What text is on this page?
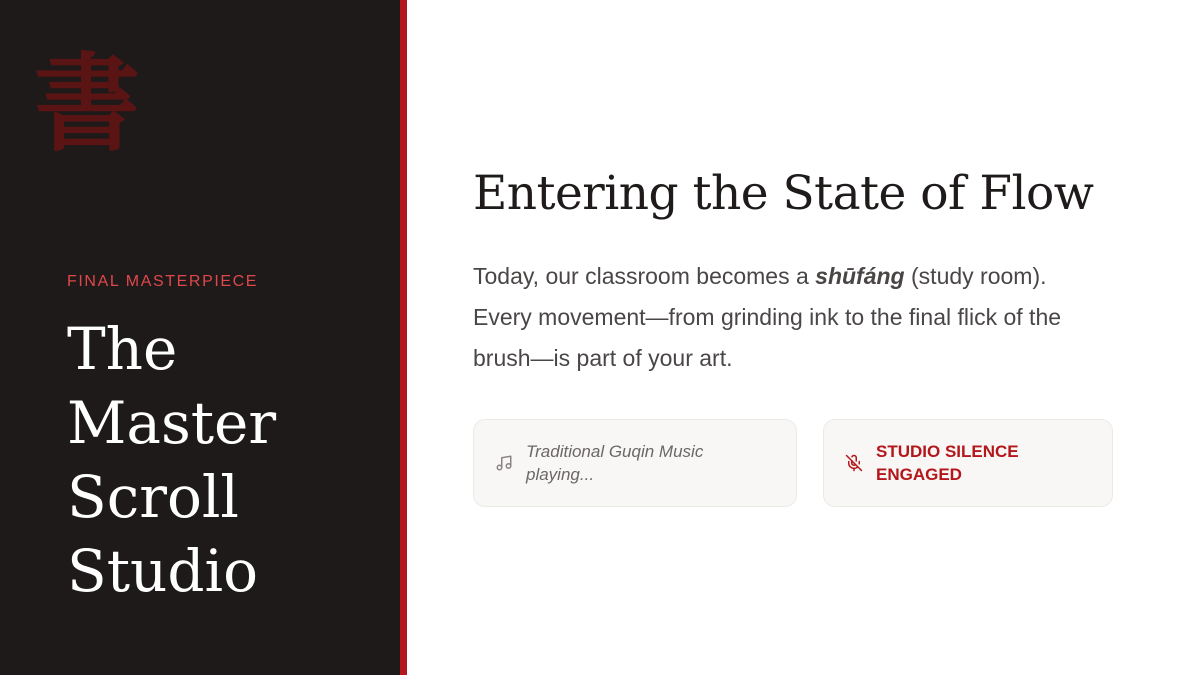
書
FINAL MASTERPIECE
The
Master
Scroll
Studio
Entering the State of Flow

Today, our classroom becomes a shūfáng (study room). Every movement—from grinding ink to the final flick of the brush—is part of your art.

Traditional Guqin Music playing...
STUDIO SILENCE ENGAGED
